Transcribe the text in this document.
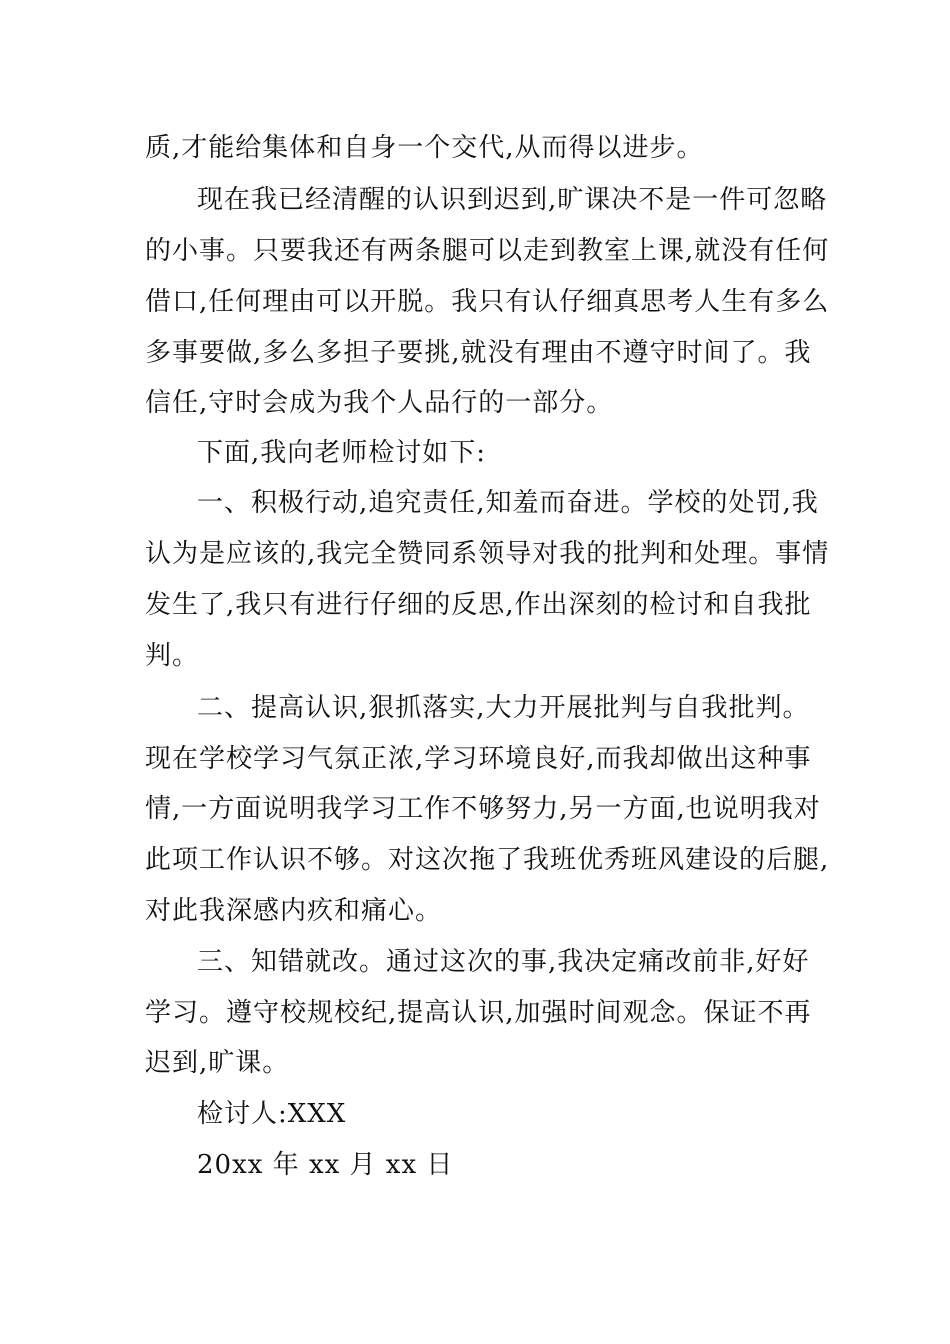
质,才能给集体和自身一个交代,从而得以进步。
现在我已经清醒的认识到迟到,旷课决不是一件可忽略
的小事。只要我还有两条腿可以走到教室上课,就没有任何
借口,任何理由可以开脱。我只有认仔细真思考人生有多么
多事要做,多么多担子要挑,就没有理由不遵守时间了。我
信任,守时会成为我个人品行的一部分。
下面,我向老师检讨如下:
一、积极行动,追究责任,知羞而奋进。学校的处罚,我
认为是应该的,我完全赞同系领导对我的批判和处理。事情
发生了,我只有进行仔细的反思,作出深刻的检讨和自我批
判。
二、提高认识,狠抓落实,大力开展批判与自我批判。
现在学校学习气氛正浓,学习环境良好,而我却做出这种事
情,一方面说明我学习工作不够努力,另一方面,也说明我对
此项工作认识不够。对这次拖了我班优秀班风建设的后腿,
对此我深感内疚和痛心。
三、知错就改。通过这次的事,我决定痛改前非,好好
学习。遵守校规校纪,提高认识,加强时间观念。保证不再
迟到,旷课。
检讨人:XXX
20xx 年 xx 月 xx 日
